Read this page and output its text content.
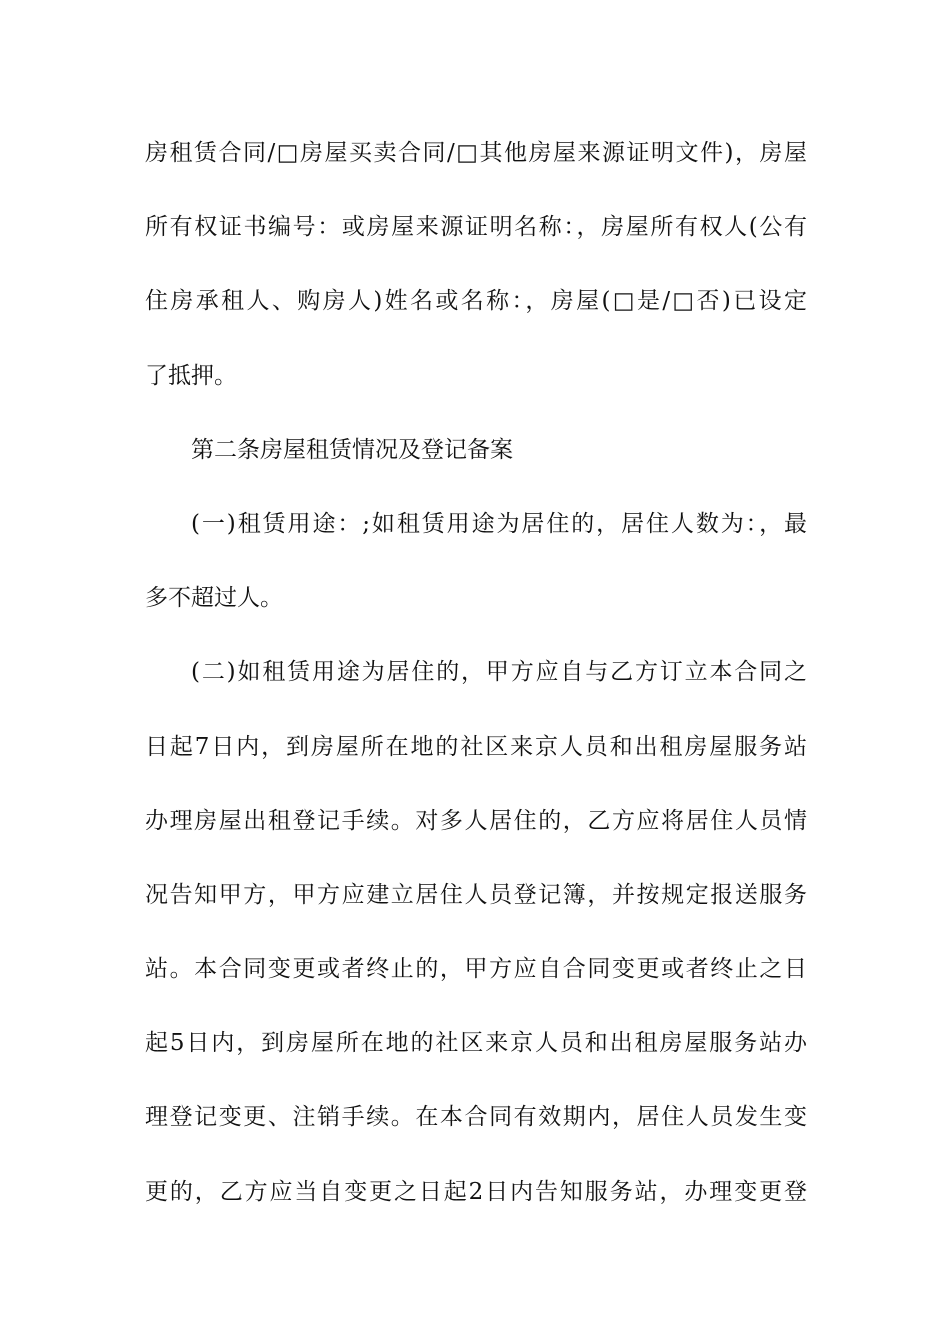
房租赁合同/□房屋买卖合同/□其他房屋来源证明文件)，房屋
所有权证书编号：或房屋来源证明名称：，房屋所有权人(公有
住房承租人、购房人)姓名或名称：，房屋(□是/□否)已设定
了抵押。
第二条房屋租赁情况及登记备案
(一)租赁用途：;如租赁用途为居住的，居住人数为：，最
多不超过人。
(二)如租赁用途为居住的，甲方应自与乙方订立本合同之
日起7日内，到房屋所在地的社区来京人员和出租房屋服务站
办理房屋出租登记手续。对多人居住的，乙方应将居住人员情
况告知甲方，甲方应建立居住人员登记簿，并按规定报送服务
站。本合同变更或者终止的，甲方应自合同变更或者终止之日
起5日内，到房屋所在地的社区来京人员和出租房屋服务站办
理登记变更、注销手续。在本合同有效期内，居住人员发生变
更的，乙方应当自变更之日起2日内告知服务站，办理变更登
